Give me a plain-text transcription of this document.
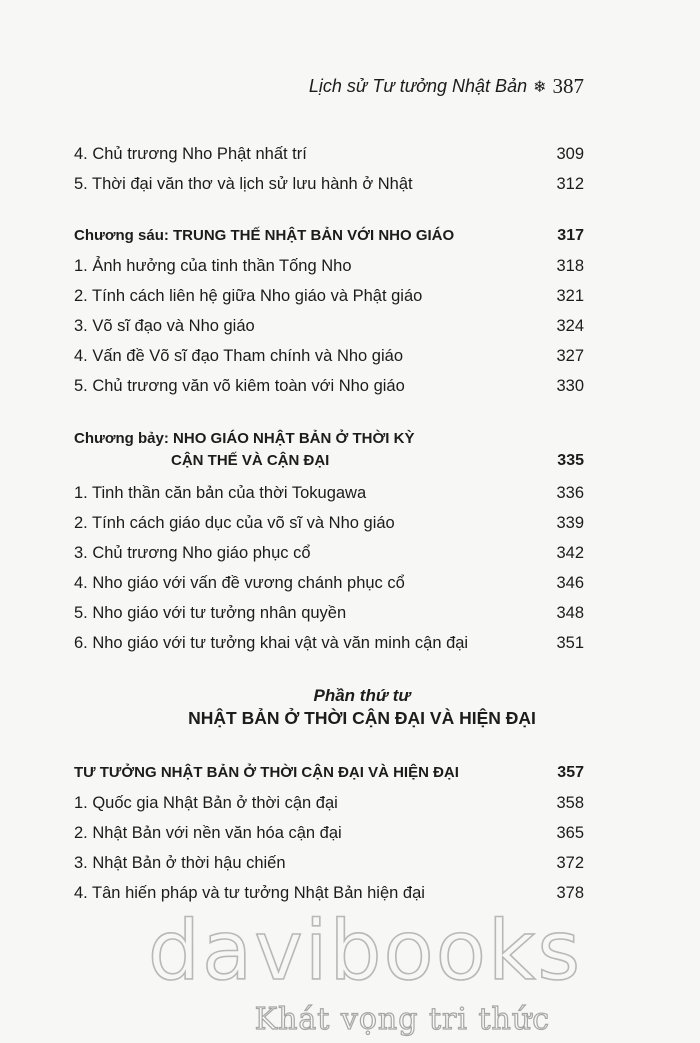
Lịch sử Tư tưởng Nhật Bản ❄ 387
4. Chủ trương Nho Phật nhất trí	309
5. Thời đại văn thơ và lịch sử lưu hành ở Nhật	312
Chương sáu: TRUNG THẾ NHẬT BẢN VỚI NHO GIÁO	317
1. Ảnh hưởng của tinh thần Tống Nho	318
2. Tính cách liên hệ giữa Nho giáo và Phật giáo	321
3. Võ sĩ đạo và Nho giáo	324
4. Vấn đề Võ sĩ đạo Tham chính và Nho giáo	327
5. Chủ trương văn võ kiêm toàn với Nho giáo	330
Chương bảy: NHO GIÁO NHẬT BẢN Ở THỜI KỲ
CẬN THẾ VÀ CẬN ĐẠI	335
1. Tinh thần căn bản của thời Tokugawa	336
2. Tính cách giáo dục của võ sĩ và Nho giáo	339
3. Chủ trương Nho giáo phục cổ	342
4. Nho giáo với vấn đề vương chánh phục cổ	346
5. Nho giáo với tư tưởng nhân quyền	348
6. Nho giáo với tư tưởng khai vật và văn minh cận đại	351
Phần thứ tư
NHẬT BẢN Ở THỜI CẬN ĐẠI VÀ HIỆN ĐẠI
TƯ TƯỞNG NHẬT BẢN Ở THỜI CẬN ĐẠI VÀ HIỆN ĐẠI	357
1. Quốc gia Nhật Bản ở thời cận đại	358
2. Nhật Bản với nền văn hóa cận đại	365
3. Nhật Bản ở thời hậu chiến	372
4. Tân hiến pháp và tư tưởng Nhật Bản hiện đại	378
davibooks
Khát vọng tri thức
